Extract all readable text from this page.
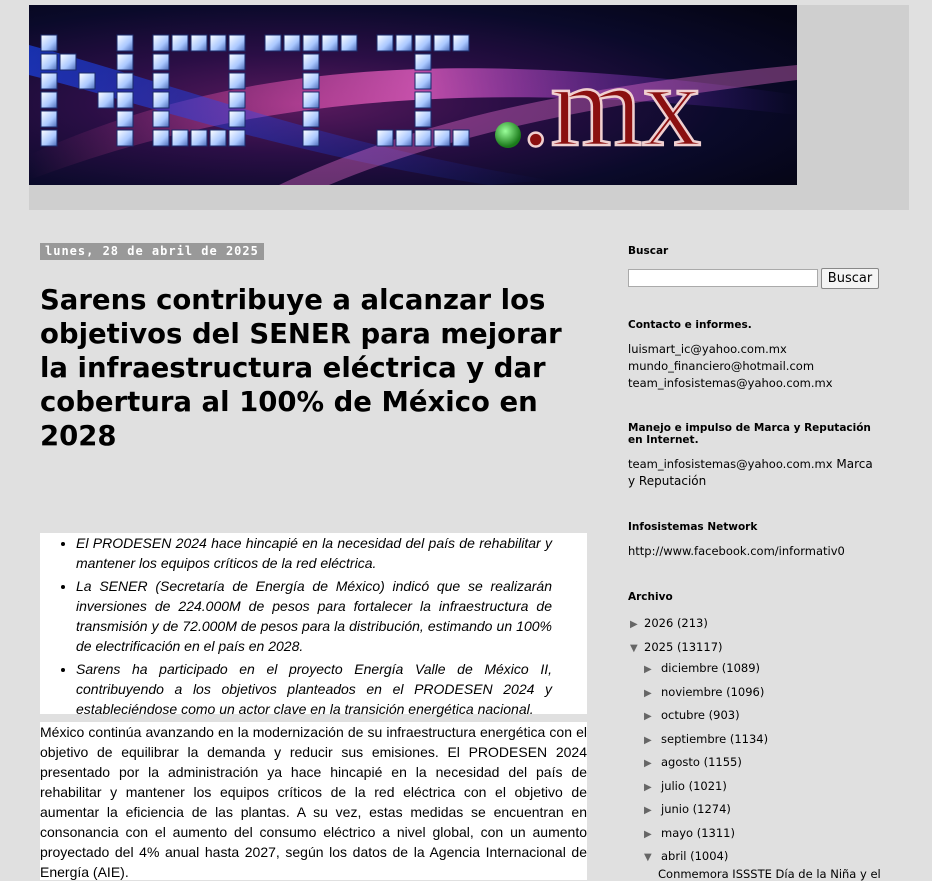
.mx
lunes, 28 de abril de 2025
Sarens contribuye a alcanzar los objetivos del SENER para mejorar la infraestructura eléctrica y dar cobertura al 100% de México en 2028
• El PRODESEN 2024 hace hincapié en la necesidad del país de rehabilitar y mantener los equipos críticos de la red eléctrica.
• La SENER (Secretaría de Energía de México) indicó que se realizarán inversiones de 224.000M de pesos para fortalecer la infraestructura de transmisión y de 72.000M de pesos para la distribución, estimando un 100% de electrificación en el país en 2028.
• Sarens ha participado en el proyecto Energía Valle de México II, contribuyendo a los objetivos planteados en el PRODESEN 2024 y estableciéndose como un actor clave en la transición energética nacional.

México continúa avanzando en la modernización de su infraestructura energética con el objetivo de equilibrar la demanda y reducir sus emisiones. El PRODESEN 2024 presentado por la administración ya hace hincapié en la necesidad del país de rehabilitar y mantener los equipos críticos de la red eléctrica con el objetivo de aumentar la eficiencia de las plantas. A su vez, estas medidas se encuentran en consonancia con el aumento del consumo eléctrico a nivel global, con un aumento proyectado del 4% anual hasta 2027, según los datos de la Agencia Internacional de Energía (AIE).

Buscar
Buscar
Contacto e informes.
luismart_ic@yahoo.com.mx
mundo_financiero@hotmail.com
team_infosistemas@yahoo.com.mx
Manejo e impulso de Marca y Reputación en Internet.
team_infosistemas@yahoo.com.mx Marca y Reputación
Infosistemas Network
http://www.facebook.com/informativ0
Archivo
▶ 2026 (213)
▼ 2025 (13117)
▶ diciembre (1089)
▶ noviembre (1096)
▶ octubre (903)
▶ septiembre (1134)
▶ agosto (1155)
▶ julio (1021)
▶ junio (1274)
▶ mayo (1311)
▼ abril (1004)
Conmemora ISSSTE Día de la Niña y el
